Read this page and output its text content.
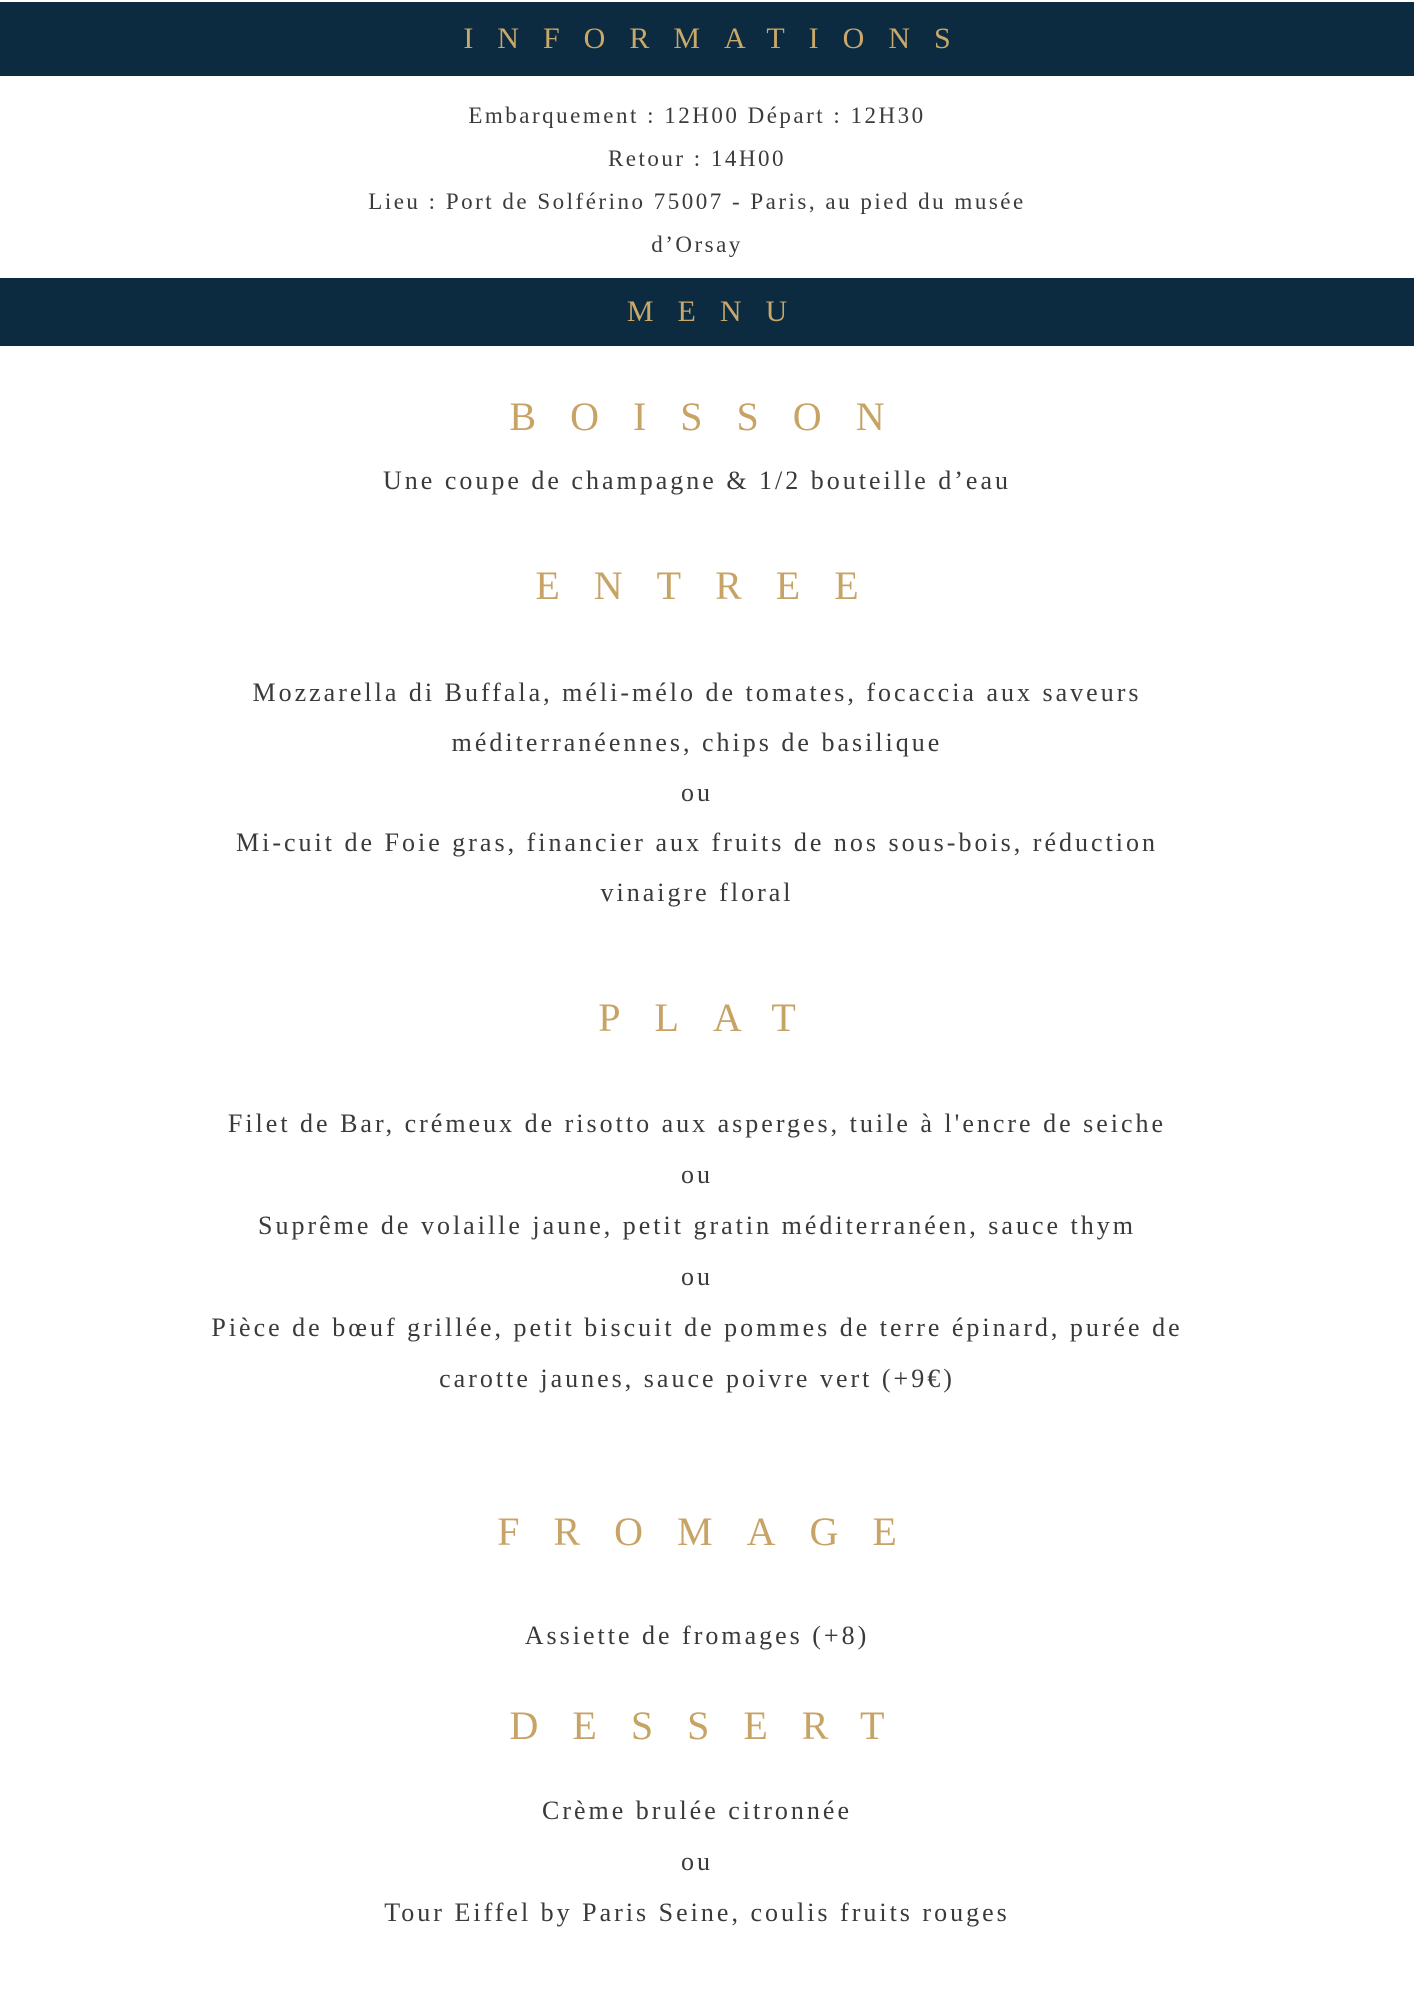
INFORMATIONS
Embarquement : 12H00 Départ : 12H30
Retour : 14H00
Lieu : Port de Solférino 75007 - Paris, au pied du musée
d’Orsay
MENU
BOISSON
Une coupe de champagne & 1/2 bouteille d’eau
ENTREE
Mozzarella di Buffala, méli-mélo de tomates, focaccia aux saveurs
méditerranéennes, chips de basilique
ou
Mi-cuit de Foie gras, financier aux fruits de nos sous-bois, réduction
vinaigre floral
PLAT
Filet de Bar, crémeux de risotto aux asperges, tuile à l'encre de seiche
ou
Suprême de volaille jaune, petit gratin méditerranéen, sauce thym
ou
Pièce de bœuf grillée, petit biscuit de pommes de terre épinard, purée de
carotte jaunes, sauce poivre vert (+9€)
FROMAGE
Assiette de fromages (+8)
DESSERT
Crème brulée citronnée
ou
Tour Eiffel by Paris Seine, coulis fruits rouges
